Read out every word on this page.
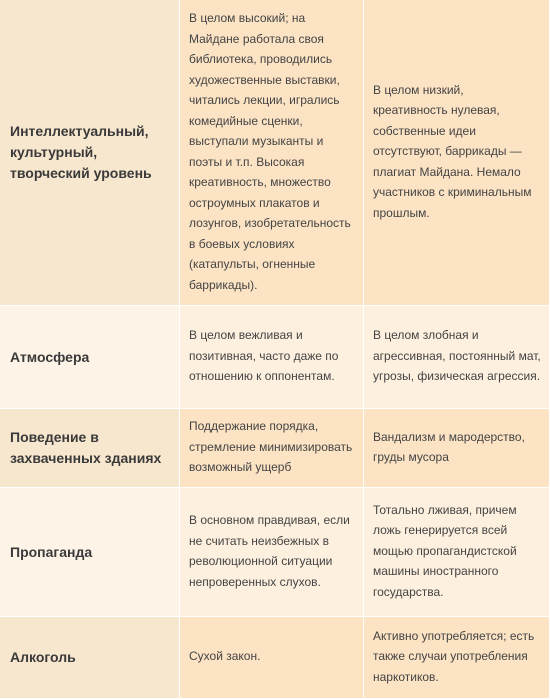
Интеллектуальный, культурный, творческий уровень
В целом высокий; на Майдане работала своя библиотека, проводились художественные выставки, читались лекции, игрались комедийные сценки, выступали музыканты и поэты и т.п. Высокая креативность, множество остроумных плакатов и лозунгов, изобретательность в боевых условиях (катапульты, огненные баррикады).
В целом низкий, креативность нулевая, собственные идеи отсутствуют, баррикады — плагиат Майдана. Немало участников с криминальным прошлым.
Атмосфера
В целом вежливая и позитивная, часто даже по отношению к оппонентам.
В целом злобная и агрессивная, постоянный мат, угрозы, физическая агрессия.
Поведение в захваченных зданиях
Поддержание порядка, стремление минимизировать возможный ущерб
Вандализм и мародерство, груды мусора
Пропаганда
В основном правдивая, если не считать неизбежных в революционной ситуации непроверенных слухов.
Тотально лживая, причем ложь генерируется всей мощью пропагандистской машины иностранного государства.
Алкоголь	Сухой закон.
Активно употребляется; есть также случаи употребления наркотиков.
